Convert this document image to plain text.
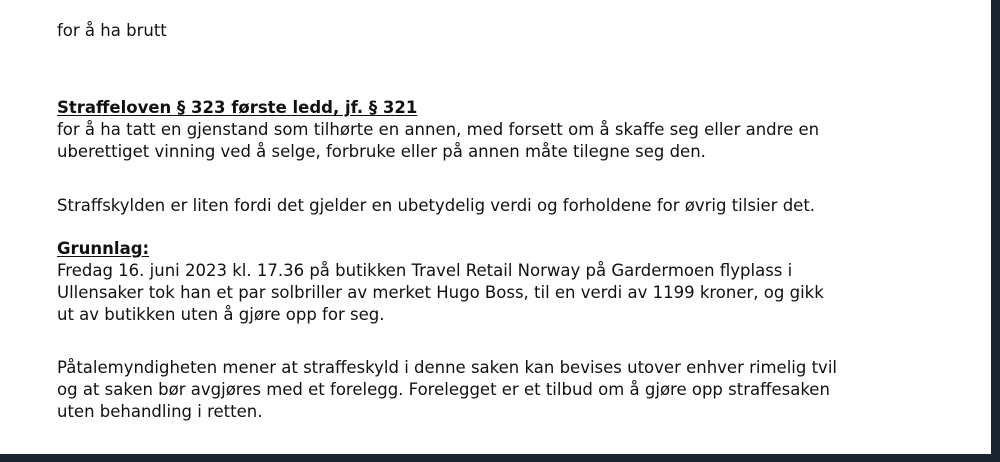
for å ha brutt

Straffeloven § 323 første ledd, jf. § 321
for å ha tatt en gjenstand som tilhørte en annen, med forsett om å skaffe seg eller andre en
uberettiget vinning ved å selge, forbruke eller på annen måte tilegne seg den.

Straffskylden er liten fordi det gjelder en ubetydelig verdi og forholdene for øvrig tilsier det.

Grunnlag:
Fredag 16. juni 2023 kl. 17.36 på butikken Travel Retail Norway på Gardermoen flyplass i
Ullensaker tok han et par solbriller av merket Hugo Boss, til en verdi av 1199 kroner, og gikk
ut av butikken uten å gjøre opp for seg.
Påtalemyndigheten mener at straffeskyld i denne saken kan bevises utover enhver rimelig tvil
og at saken bør avgjøres med et forelegg. Forelegget er et tilbud om å gjøre opp straffesaken
uten behandling i retten.
